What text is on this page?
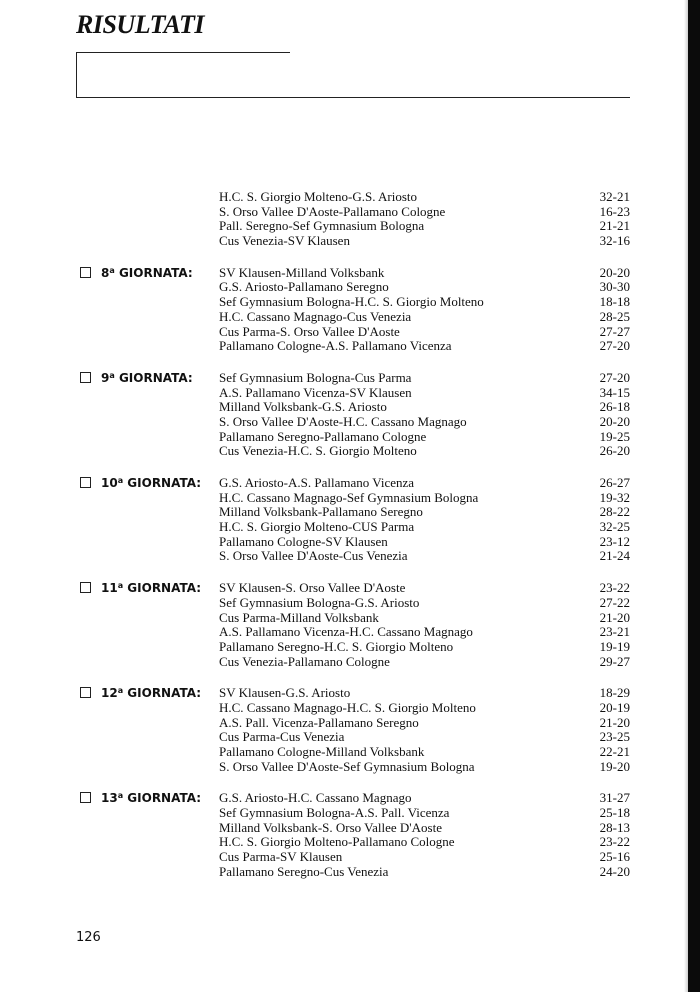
RISULTATI
H.C. S. Giorgio Molteno-G.S. Ariosto	32-21
S. Orso Vallee D'Aoste-Pallamano Cologne	16-23
Pall. Seregno-Sef Gymnasium Bologna	21-21
Cus Venezia-SV Klausen	32-16
8$^a$ GIORNATA: SV Klausen-Milland Volksbank	20-20
G.S. Ariosto-Pallamano Seregno	30-30
Sef Gymnasium Bologna-H.C. S. Giorgio Molteno	18-18
H.C. Cassano Magnago-Cus Venezia	28-25
Cus Parma-S. Orso Vallee D'Aoste	27-27
Pallamano Cologne-A.S. Pallamano Vicenza	27-20
9$^a$ GIORNATA: Sef Gymnasium Bologna-Cus Parma	27-20
A.S. Pallamano Vicenza-SV Klausen	34-15
Milland Volksbank-G.S. Ariosto	26-18
S. Orso Vallee D'Aoste-H.C. Cassano Magnago	20-20
Pallamano Seregno-Pallamano Cologne	19-25
Cus Venezia-H.C. S. Giorgio Molteno	26-20
10$^a$ GIORNATA: G.S. Ariosto-A.S. Pallamano Vicenza	26-27
H.C. Cassano Magnago-Sef Gymnasium Bologna	19-32
Milland Volksbank-Pallamano Seregno	28-22
H.C. S. Giorgio Molteno-CUS Parma	32-25
Pallamano Cologne-SV Klausen	23-12
S. Orso Vallee D'Aoste-Cus Venezia	21-24
11$^a$ GIORNATA: SV Klausen-S. Orso Vallee D'Aoste	23-22
Sef Gymnasium Bologna-G.S. Ariosto	27-22
Cus Parma-Milland Volksbank	21-20
A.S. Pallamano Vicenza-H.C. Cassano Magnago	23-21
Pallamano Seregno-H.C. S. Giorgio Molteno	19-19
Cus Venezia-Pallamano Cologne	29-27
12$^a$ GIORNATA: SV Klausen-G.S. Ariosto	18-29
H.C. Cassano Magnago-H.C. S. Giorgio Molteno	20-19
A.S. Pall. Vicenza-Pallamano Seregno	21-20
Cus Parma-Cus Venezia	23-25
Pallamano Cologne-Milland Volksbank	22-21
S. Orso Vallee D'Aoste-Sef Gymnasium Bologna	19-20
13$^a$ GIORNATA: G.S. Ariosto-H.C. Cassano Magnago	31-27
Sef Gymnasium Bologna-A.S. Pall. Vicenza	25-18
Milland Volksbank-S. Orso Vallee D'Aoste	28-13
H.C. S. Giorgio Molteno-Pallamano Cologne	23-22
Cus Parma-SV Klausen	25-16
Pallamano Seregno-Cus Venezia	24-20
126
